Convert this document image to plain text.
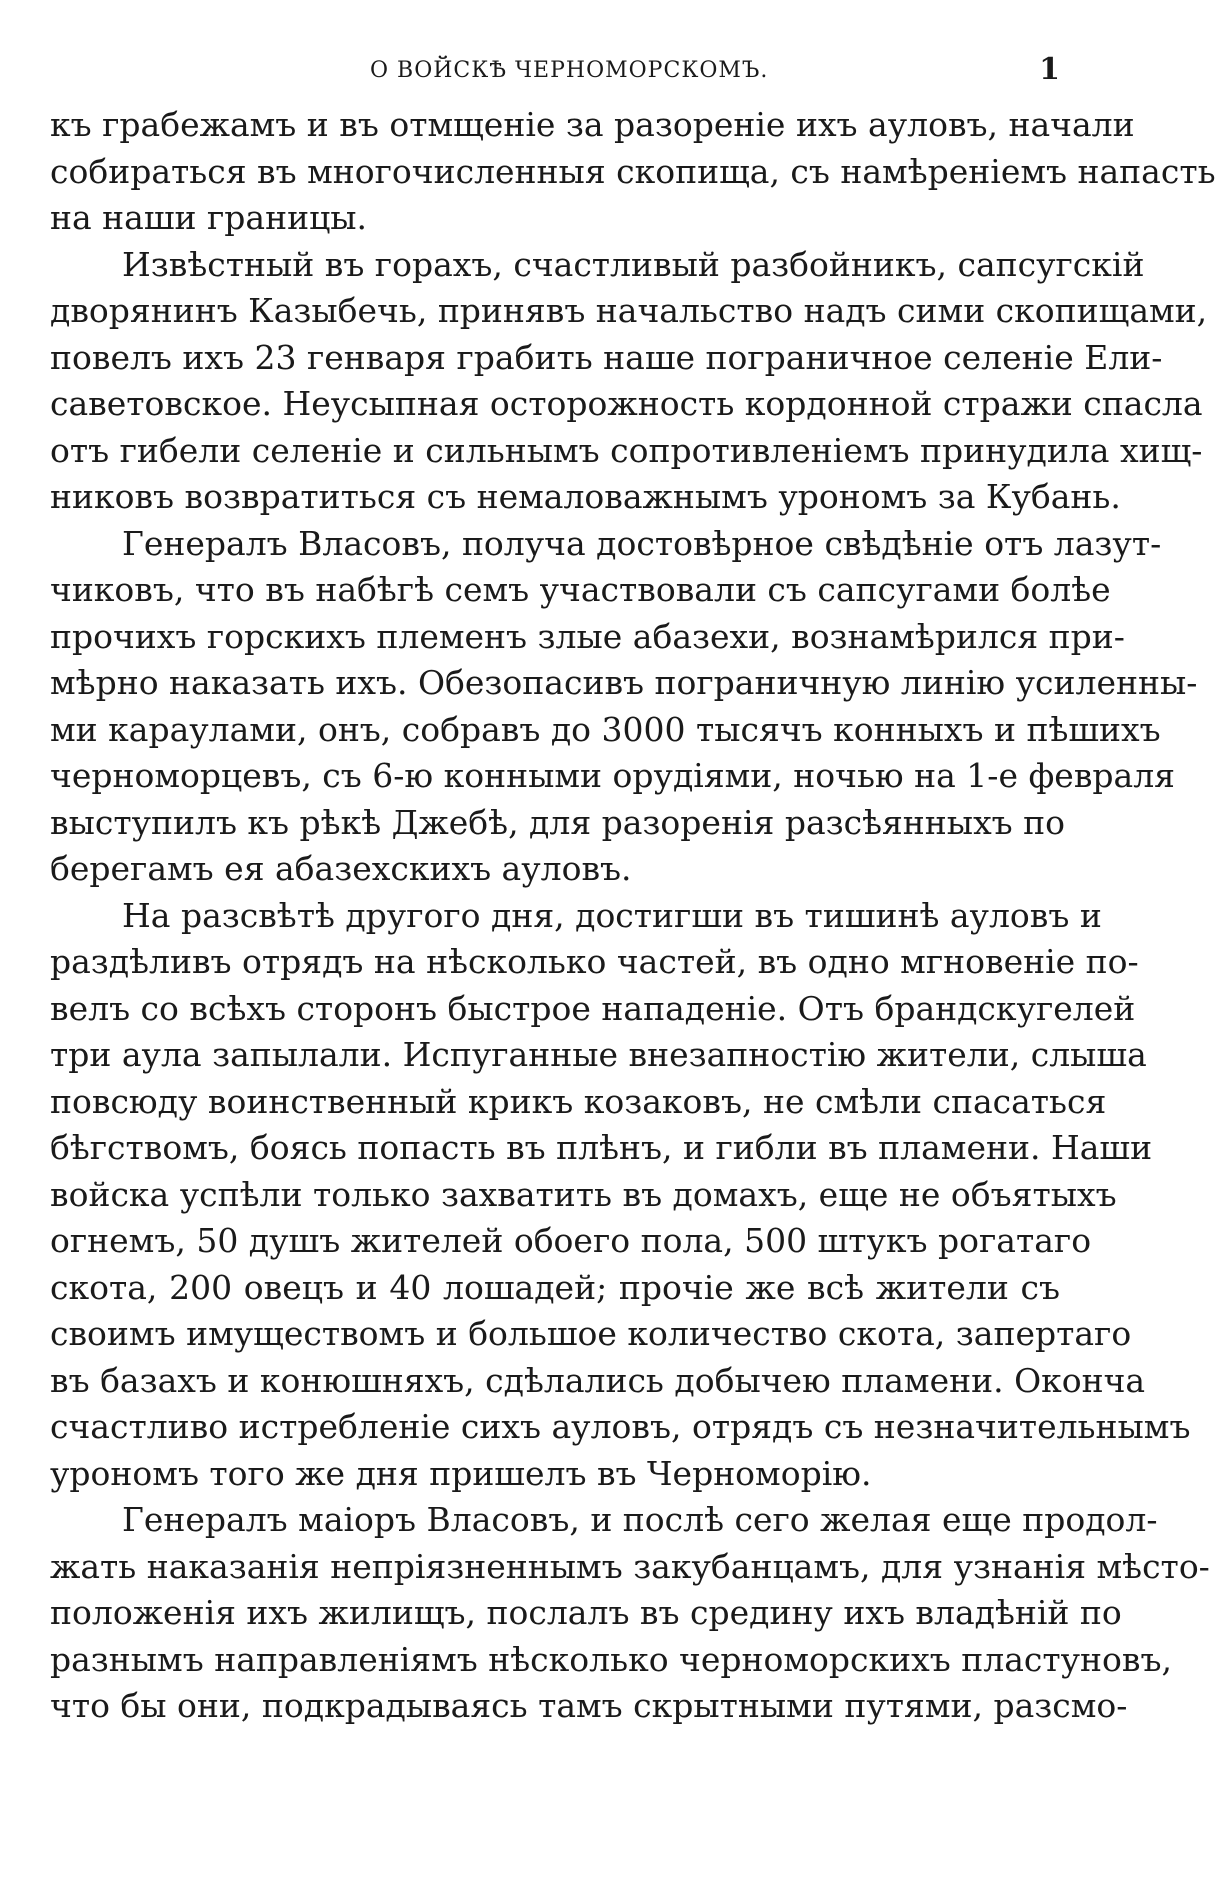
О ВОЙСКѢ ЧЕРНОМОРСКОМЪ.	1
къ грабежамъ и въ отмщеніе за разореніе ихъ ауловъ, начали
собираться въ многочисленныя скопища, съ намѣреніемъ напасть
на наши границы.
Извѣстный въ горахъ, счастливый разбойникъ, сапсугскій
дворянинъ Казыбечь, принявъ начальство надъ сими скопищами,
повелъ ихъ 23 генваря грабить наше пограничное селеніе Ели-
саветовское. Неусыпная осторожность кордонной стражи спасла
отъ гибели селеніе и сильнымъ сопротивленіемъ принудила хищ-
никовъ возвратиться съ немаловажнымъ урономъ за Кубань.
Генералъ Власовъ, получа достовѣрное свѣдѣніе отъ лазут-
чиковъ, что въ набѣгѣ семъ участвовали съ сапсугами болѣе
прочихъ горскихъ племенъ злые абазехи, вознамѣрился при-
мѣрно наказать ихъ. Обезопасивъ пограничную линію усиленны-
ми караулами, онъ, собравъ до 3000 тысячъ конныхъ и пѣшихъ
черноморцевъ, съ 6-ю конными орудіями, ночью на 1-е февраля
выступилъ къ рѣкѣ Джебѣ, для разоренія разсѣянныхъ по
берегамъ ея абазехскихъ ауловъ.
На разсвѣтѣ другого дня, достигши въ тишинѣ ауловъ и
раздѣливъ отрядъ на нѣсколько частей, въ одно мгновеніе по-
велъ со всѣхъ сторонъ быстрое нападеніе. Отъ брандскугелей
три аула запылали. Испуганные внезапностію жители, слыша
повсюду воинственный крикъ козаковъ, не смѣли спасаться
бѣгствомъ, боясь попасть въ плѣнъ, и гибли въ пламени. Наши
войска успѣли только захватить въ домахъ, еще не объятыхъ
огнемъ, 50 душъ жителей обоего пола, 500 штукъ рогатаго
скота, 200 овецъ и 40 лошадей; прочіе же всѣ жители съ
своимъ имуществомъ и большое количество скота, запертаго
въ базахъ и конюшняхъ, сдѣлались добычею пламени. Окончa
счастливо истребленіе сихъ ауловъ, отрядъ съ незначительнымъ
урономъ того же дня пришелъ въ Черноморію.
Генералъ маіоръ Власовъ, и послѣ сего желая еще продол-
жать наказанія непріязненнымъ закубанцамъ, для узнанія мѣсто-
положенія ихъ жилищъ, послалъ въ средину ихъ владѣній по
разнымъ направленіямъ нѣсколько черноморскихъ пластуновъ,
что бы они, подкрадываясь тамъ скрытными путями, разсмо-
